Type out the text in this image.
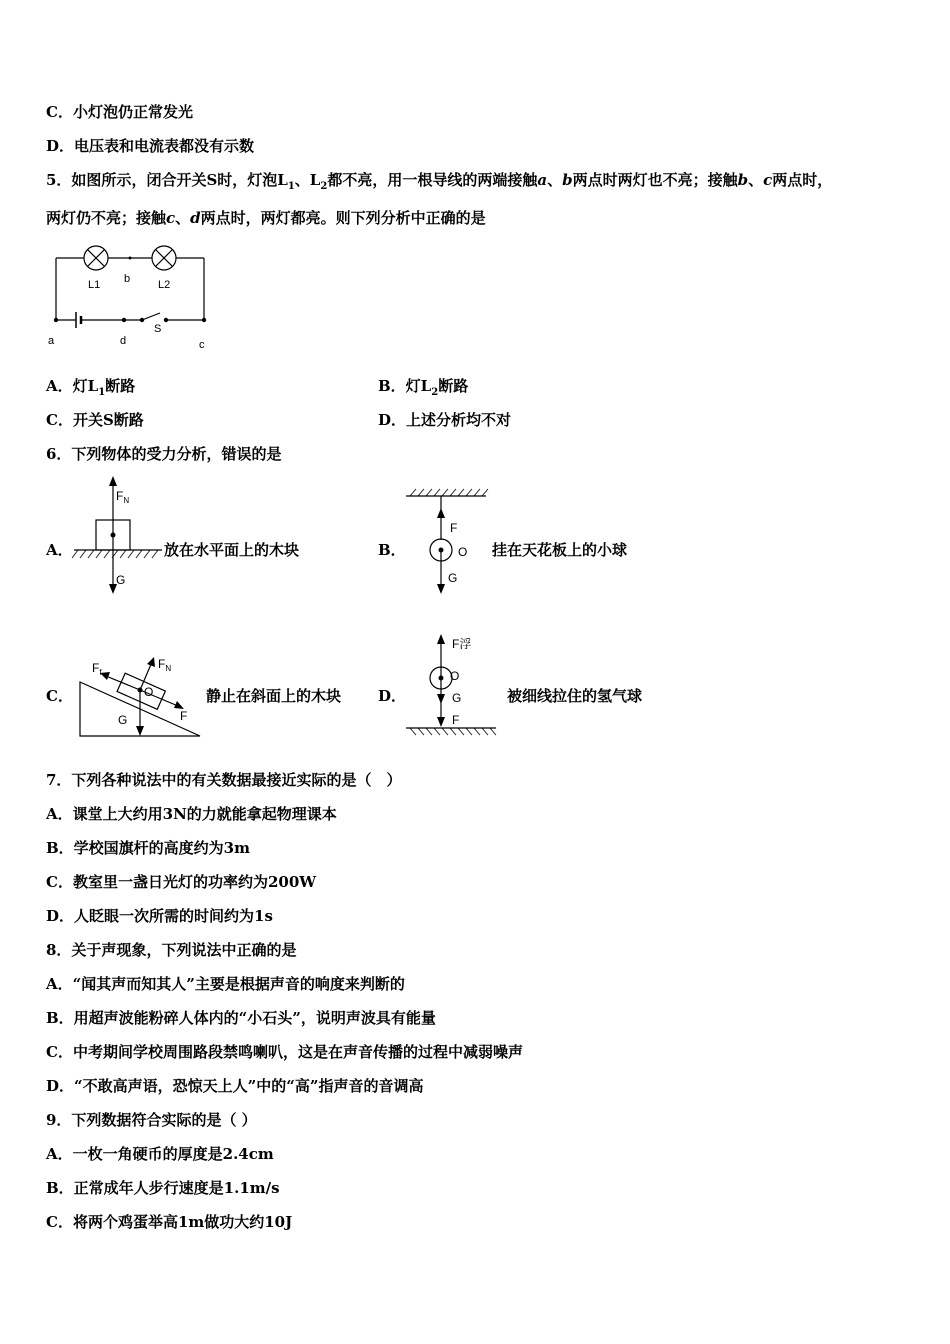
C．小灯泡仍正常发光
D．电压表和电流表都没有示数
5．如图所示，闭合开关S时，灯泡$L_1$、$L_2$都不亮，用一根导线的两端接触a、b两点时两灯也不亮；接触b、c两点时，
两灯仍不亮；接触c、d两点时，两灯都亮。则下列分析中正确的是
L1 b	L2
S
a	d	c
A．灯$L_1$断路	B．灯$L_2$断路
C．开关S断路	D．上述分析均不对
6．下列物体的受力分析，错误的是
A．
$F_N$
G
放在水平面上的木块	B．
F
O
G
挂在天花板上的小球
C．
$F_f$
$F_N$
O
G	F
静止在斜面上的木块 D．
F浮
O
G
F
被细线拉住的氢气球
7．下列各种说法中的有关数据最接近实际的是（　）
A．课堂上大约用3N的力就能拿起物理课本
B．学校国旗杆的高度约为3m
C．教室里一盏日光灯的功率约为200W
D．人眨眼一次所需的时间约为1s
8．关于声现象，下列说法中正确的是
A．“闻其声而知其人”主要是根据声音的响度来判断的
B．用超声波能粉碎人体内的“小石头”，说明声波具有能量
C．中考期间学校周围路段禁鸣喇叭，这是在声音传播的过程中减弱噪声
D．“不敢高声语，恐惊天上人”中的“高”指声音的音调高
9．下列数据符合实际的是（ ）
A．一枚一角硬币的厚度是2.4cm
B．正常成年人步行速度是1.1m/s
C．将两个鸡蛋举高1m做功大约10J
